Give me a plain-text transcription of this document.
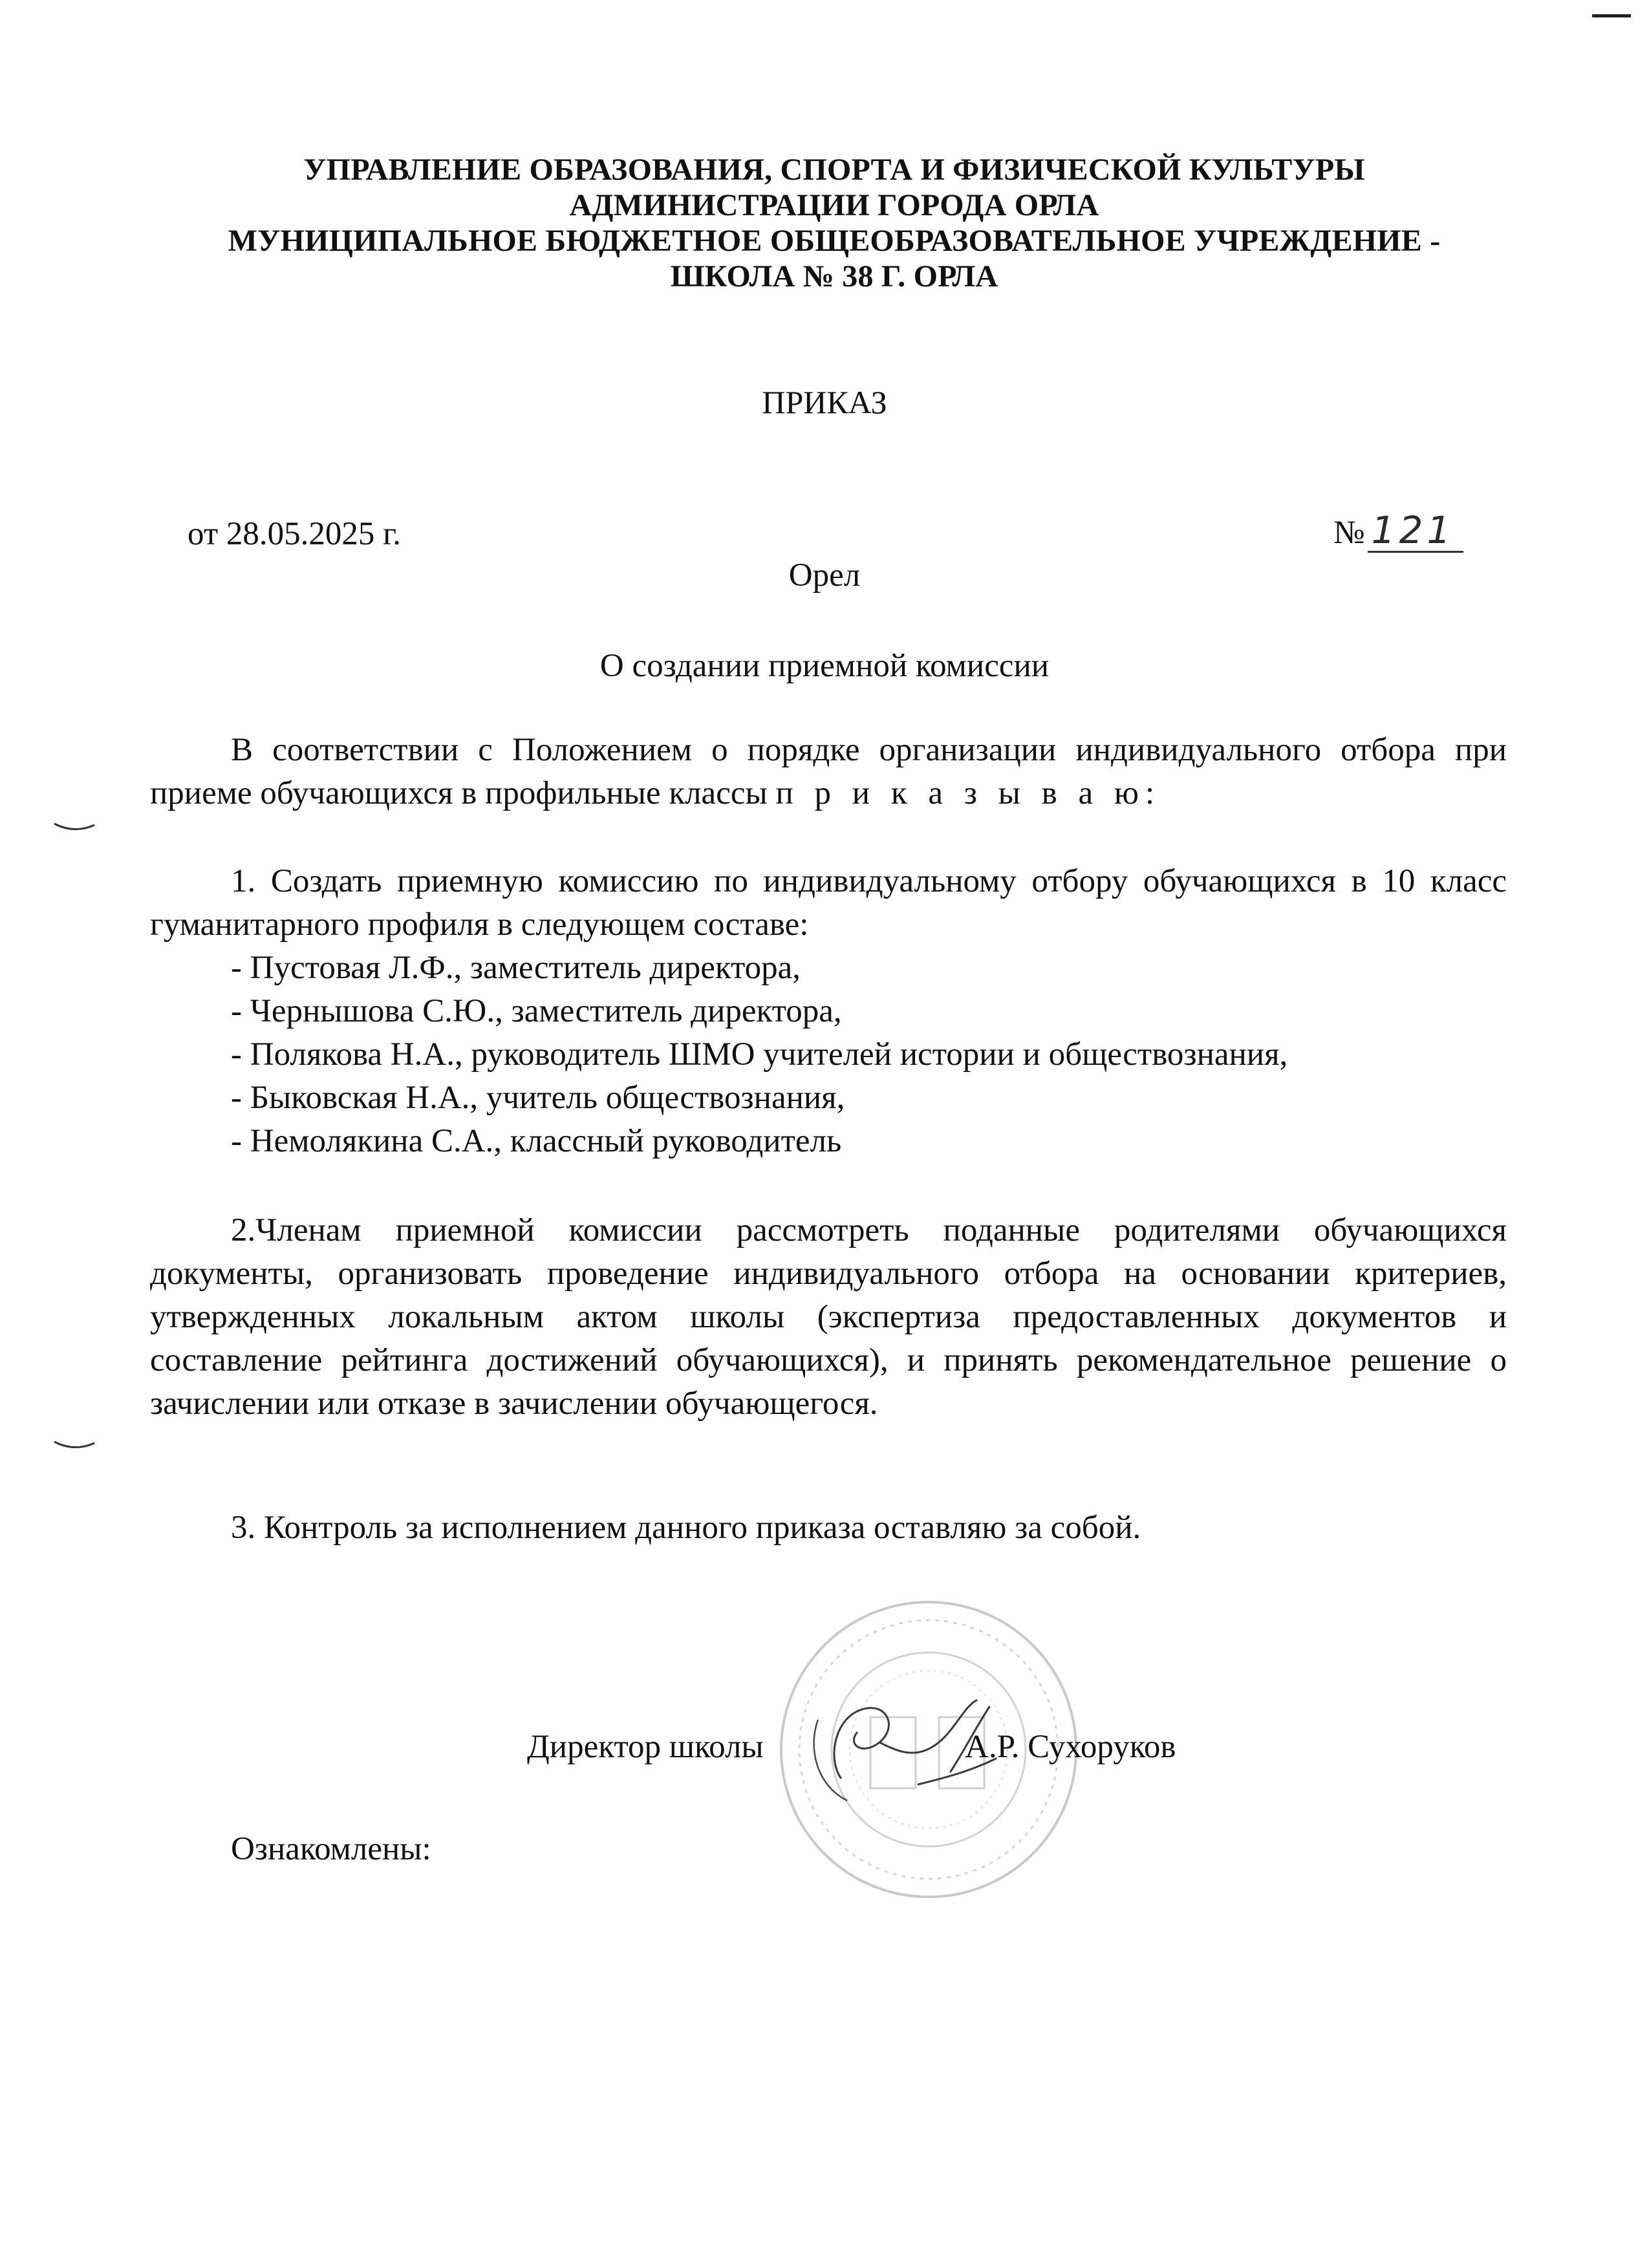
УПРАВЛЕНИЕ ОБРАЗОВАНИЯ, СПОРТА И ФИЗИЧЕСКОЙ КУЛЬТУРЫ
АДМИНИСТРАЦИИ ГОРОДА ОРЛА
МУНИЦИПАЛЬНОЕ БЮДЖЕТНОЕ ОБЩЕОБРАЗОВАТЕЛЬНОЕ УЧРЕЖДЕНИЕ -
ШКОЛА № 38 Г. ОРЛА
ПРИКАЗ
от 28.05.2025 г.	№ 121
Орел
О создании приемной комиссии
В соответствии с Положением о порядке организации индивидуального отбора при приеме обучающихся в профильные классы п р и к а з ы в а ю:
1. Создать приемную комиссию по индивидуальному отбору обучающихся в 10 класс гуманитарного профиля в следующем составе:
- Пустовая Л.Ф., заместитель директора,
- Чернышова С.Ю., заместитель директора,
- Полякова Н.А., руководитель ШМО учителей истории и обществознания,
- Быковская Н.А., учитель обществознания,
- Немолякина С.А., классный руководитель
2.Членам приемной комиссии рассмотреть поданные родителями обучающихся документы, организовать проведение индивидуального отбора на основании критериев, утвержденных локальным актом школы (экспертиза предоставленных документов и составление рейтинга достижений обучающихся), и принять рекомендательное решение о зачислении или отказе в зачислении обучающегося.
3. Контроль за исполнением данного приказа оставляю за собой.
Директор школы	А.Р. Сухоруков
Ознакомлены:
